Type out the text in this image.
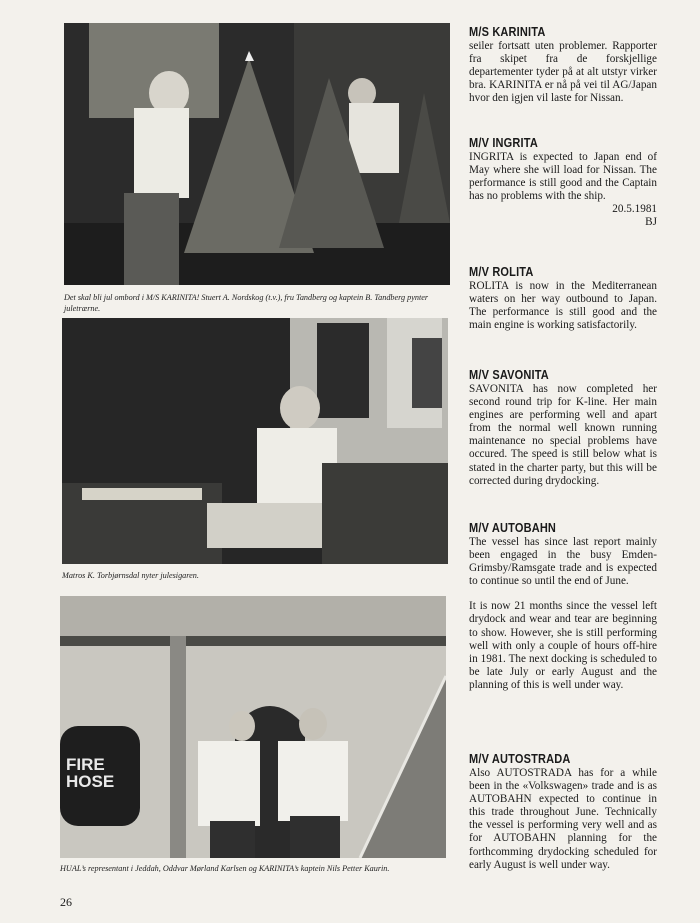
Det skal bli jul ombord i M/S KARINITA! Stuert A. Nordskog (t.v.), fru Tandberg og kaptein B. Tandberg pynter juletrærne.
Matros K. Torbjørnsdal nyter julesigaren.
FIRE
HOSE
HUAL’s representant i Jeddah, Oddvar Mørland Karlsen og KARINITA’s kaptein Nils Petter Kaurin.
M/S KARINITA

seiler fortsatt uten problemer. Rapporter fra skipet fra de forskjellige departementer tyder på at alt utstyr virker bra. KARINITA er nå på vei til AG/Japan hvor den igjen vil laste for Nissan.

M/V INGRITA

INGRITA is expected to Japan end of May where she will load for Nissan. The performance is still good and the Captain has no problems with the ship.

20.5.1981
BJ
M/V ROLITA

ROLITA is now in the Mediterranean waters on her way outbound to Japan. The performance is still good and the main engine is working satisfactorily.

M/V SAVONITA

SAVONITA has now completed her second round trip for K-line. Her main engines are performing well and apart from the normal well known running maintenance no special problems have occured. The speed is still below what is stated in the charter party, but this will be corrected during drydocking.

M/V AUTOBAHN

The vessel has since last report mainly been engaged in the busy Emden-Grimsby/Ramsgate trade and is expected to continue so until the end of June.

It is now 21 months since the vessel left drydock and wear and tear are beginning to show. However, she is still performing well with only a couple of hours off-hire in 1981. The next docking is scheduled to be late July or early August and the planning of this is well under way.

M/V AUTOSTRADA

Also AUTOSTRADA has for a while been in the «Volkswagen» trade and is as AUTOBAHN expected to continue in this trade throughout June. Technically the vessel is performing very well and as for AUTOBAHN planning for the forthcomming drydocking scheduled for early August is well under way.

26
